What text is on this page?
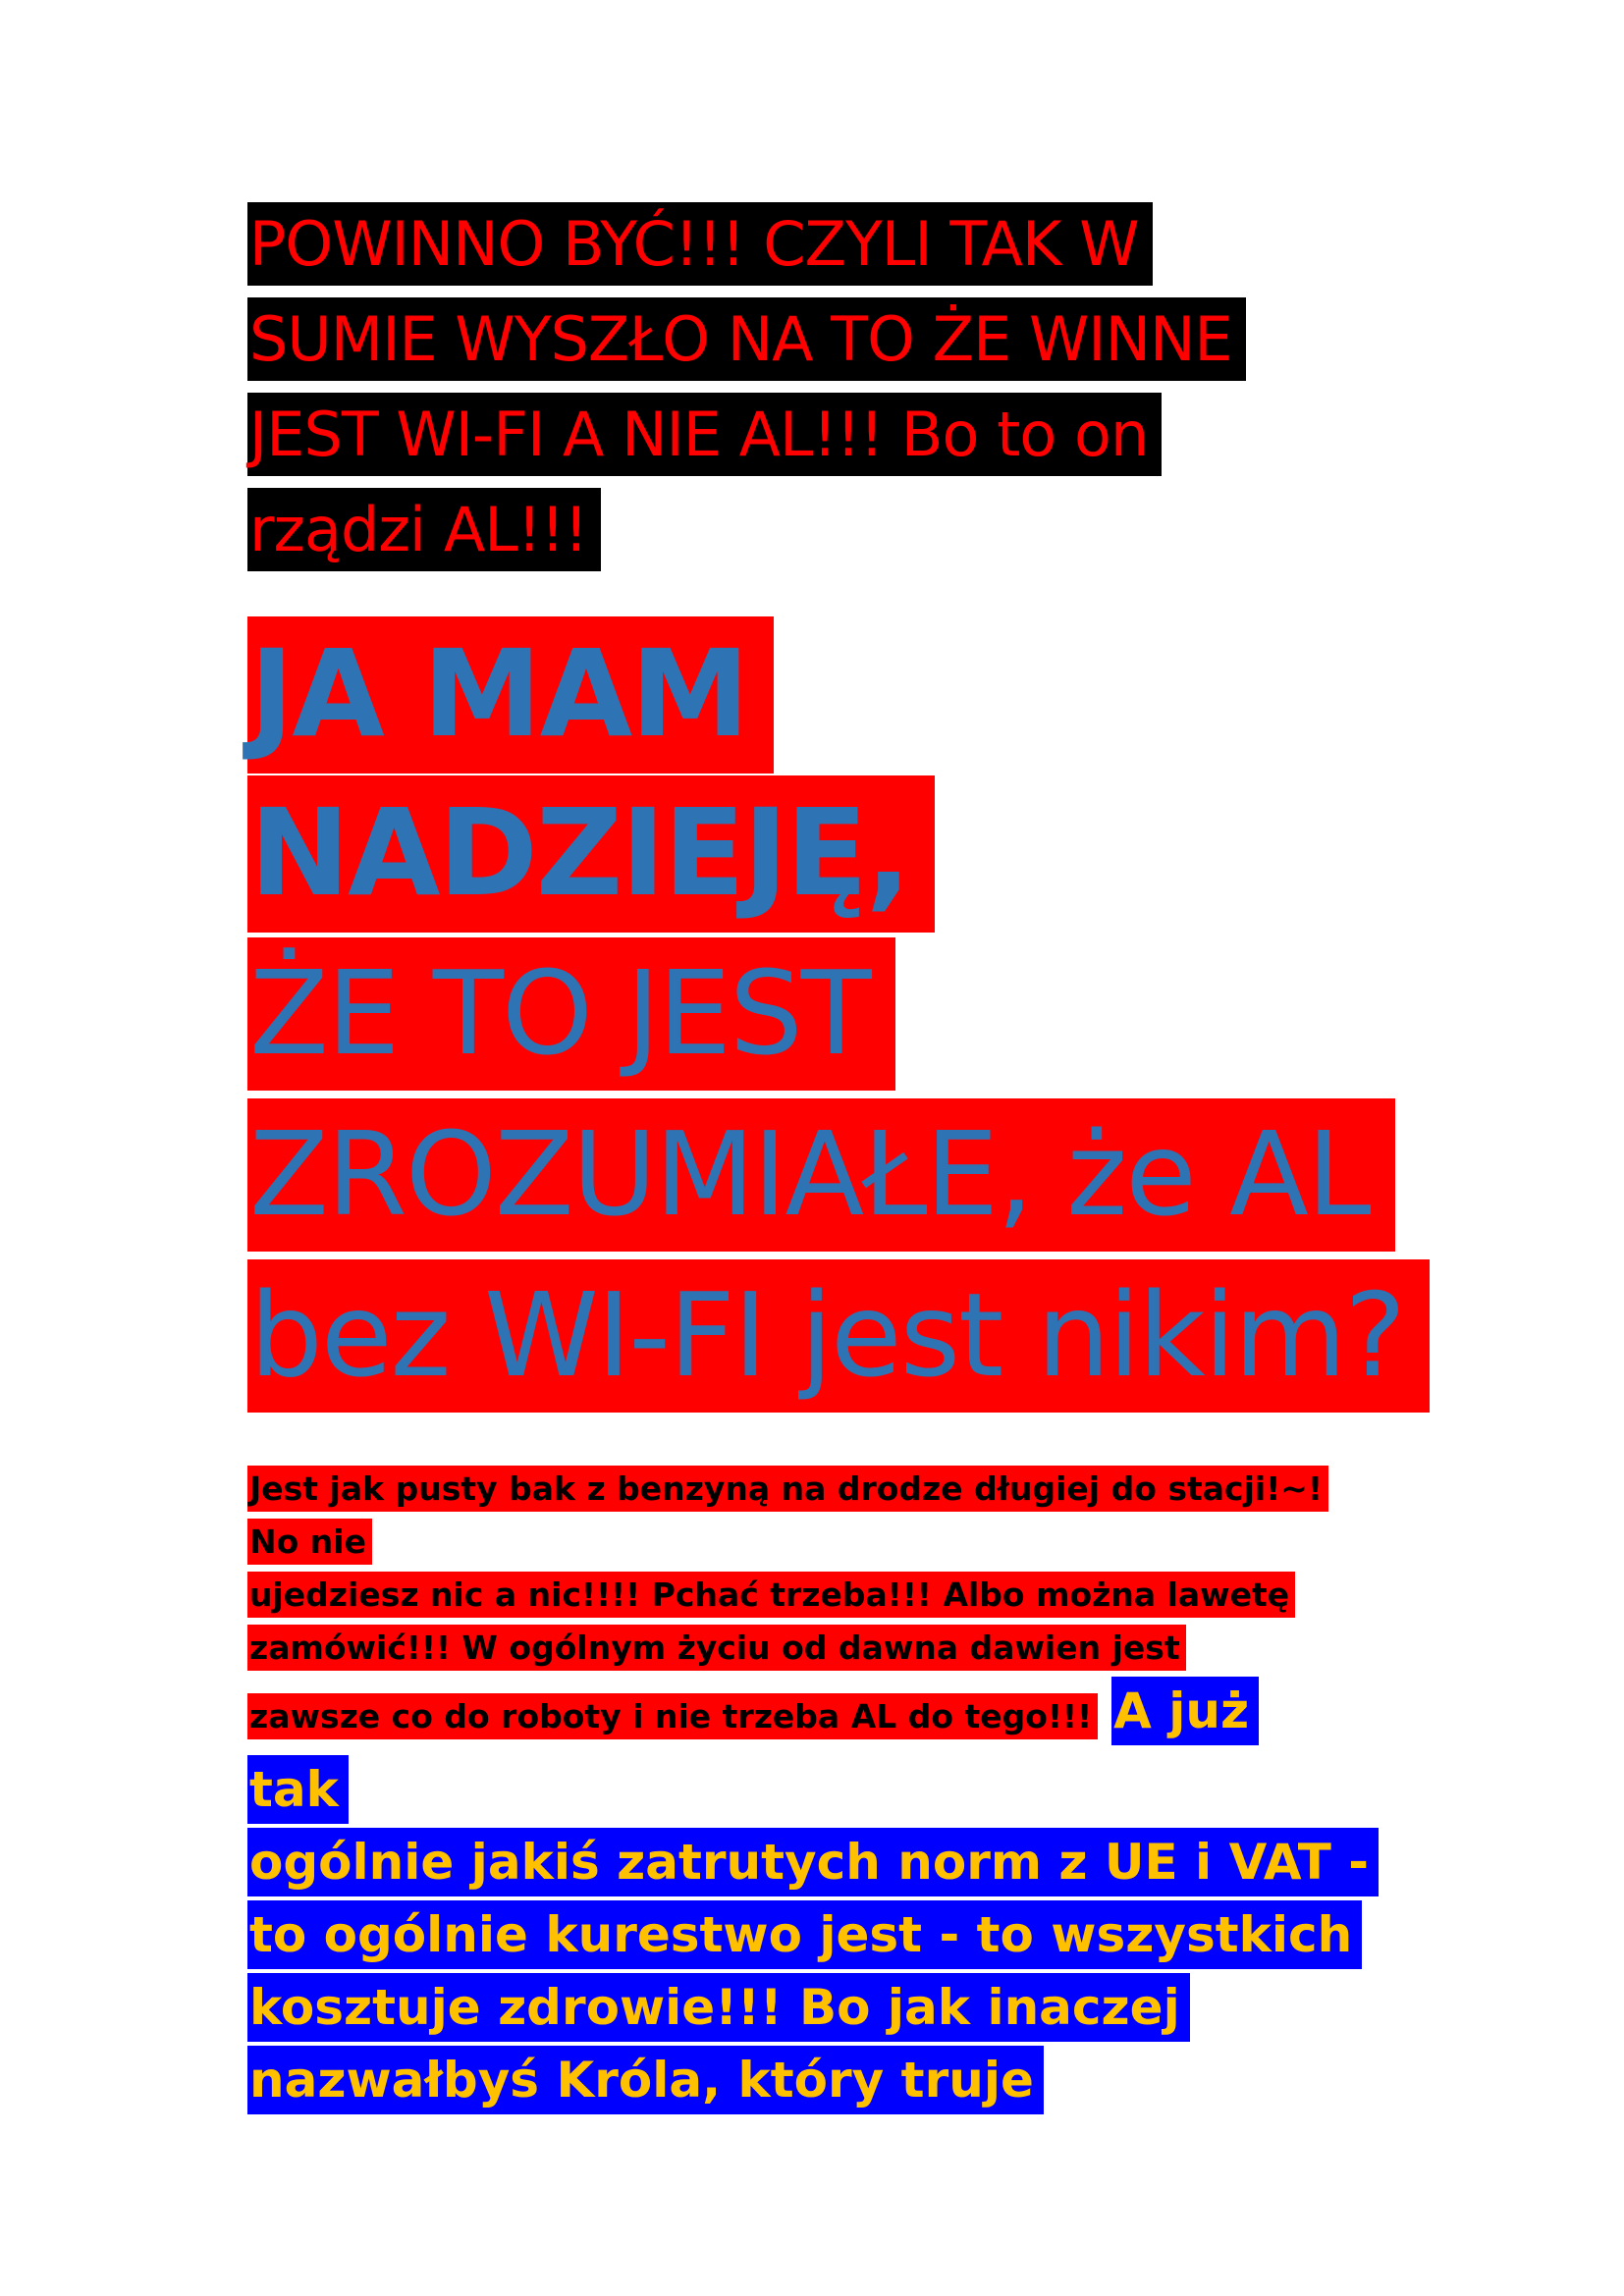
POWINNO BYĆ!!! CZYLI TAK W
SUMIE WYSZŁO NA TO ŻE WINNE
JEST WI-FI A NIE AL!!! Bo to on
rządzi AL!!!
JA MAM NADZIEJĘ,
ŻE TO JEST
ZROZUMIAŁE, że AL
bez WI-FI jest nikim?
Jest jak pusty bak z benzyną na drodze długiej do stacji!~!
No nie
ujedziesz nic a nic!!!! Pchać trzeba!!! Albo można lawetę
zamówić!!! W ogólnym życiu od dawna dawien jest
zawsze co do roboty i nie trzeba AL do tego!!! A już
tak
ogólnie jakiś zatrutych norm z UE i VAT -
to ogólnie kurestwo jest - to wszystkich
kosztuje zdrowie!!! Bo jak inaczej
nazwałbyś Króla, który truje
